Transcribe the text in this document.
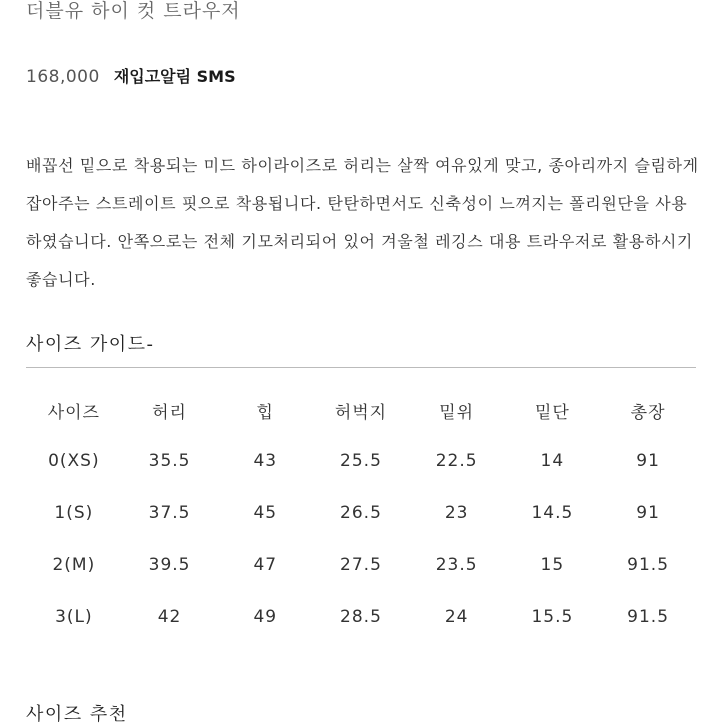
더블유 하이 컷 트라우저
168,000 재입고알림 SMS

배꼽선 밑으로 착용되는 미드 하이라이즈로 허리는 살짝 여유있게 맞고, 종아리까지 슬림하게 잡아주는 스트레이트 핏으로 착용됩니다. 탄탄하면서도 신축성이 느껴지는 폴리원단을 사용하였습니다. 안쪽으로는 전체 기모처리되어 있어 겨울철 레깅스 대용 트라우저로 활용하시기 좋습니다.

사이즈 가이드-
사이즈	허리	힙	허벅지	밑위	밑단	총장
0(XS)	35.5	43	25.5	22.5	14	91
1(S)	37.5	45	26.5	23	14.5	91
2(M)	39.5	47	27.5	23.5	15	91.5
3(L)	42	49	28.5	24	15.5	91.5
사이즈 추천
